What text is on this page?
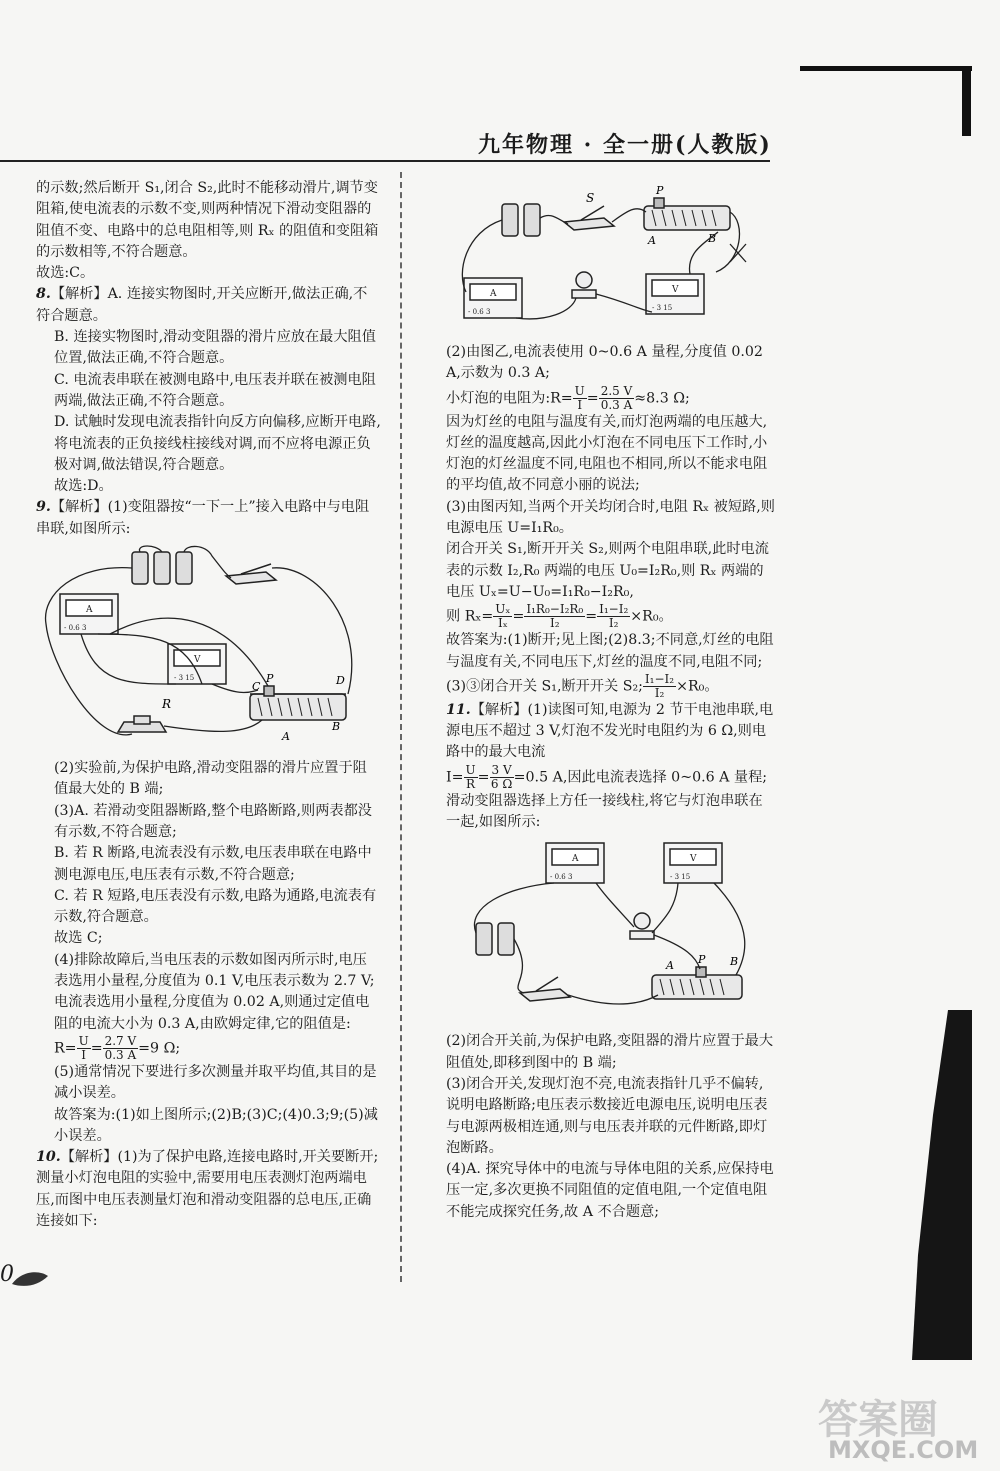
九年物理 · 全一册(人教版)

的示数;然后断开 S₁,闭合 S₂,此时不能移动滑片,调节变阻箱,使电流表的示数不变,则两种情况下滑动变阻器的阻值不变、电路中的总电阻相等,则 Rₓ 的阻值和变阻箱的示数相等,不符合题意。

故选:C。

8.【解析】A. 连接实物图时,开关应断开,做法正确,不符合题意。

B. 连接实物图时,滑动变阻器的滑片应放在最大阻值位置,做法正确,不符合题意。

C. 电流表串联在被测电路中,电压表并联在被测电阻两端,做法正确,不符合题意。

D. 试触时发现电流表指针向反方向偏移,应断开电路,将电流表的正负接线柱接线对调,而不应将电源正负极对调,做法错误,符合题意。

故选:D。

9.【解析】(1)变阻器按“一下一上”接入电路中与电阻串联,如图所示:

A
- 0.6 3
V
- 3 15
R
C
P	D
A
B

(2)实验前,为保护电路,滑动变阻器的滑片应置于阻值最大处的 B 端;

(3)A. 若滑动变阻器断路,整个电路断路,则两表都没有示数,不符合题意;

B. 若 R 断路,电流表没有示数,电压表串联在电路中测电源电压,电压表有示数,不符合题意;

C. 若 R 短路,电压表没有示数,电路为通路,电流表有示数,符合题意。

故选 C;

(4)排除故障后,当电压表的示数如图丙所示时,电压表选用小量程,分度值为 0.1 V,电压表示数为 2.7 V;电流表选用小量程,分度值为 0.02 A,则通过定值电阻的电流大小为 0.3 A,由欧姆定律,它的阻值是:

$R= \frac{U}{I} = \frac{2.7 V}{0.3 A} =9$ Ω;

(5)通常情况下要进行多次测量并取平均值,其目的是减小误差。

故答案为:(1)如上图所示;(2)B;(3)C;(4)0.3;9;(5)减小误差。

10.【解析】(1)为了保护电路,连接电路时,开关要断开;测量小灯泡电阻的实验中,需要用电压表测灯泡两端电压,而图中电压表测量灯泡和滑动变阻器的总电压,正确连接如下:

S
P
A	B
A
- 0.6 3
V
- 3 15

(2)由图乙,电流表使用 0~0.6 A 量程,分度值 0.02 A,示数为 0.3 A;

小灯泡的电阻为:R= $\frac{U}{I} = \frac{2.5 V}{0.3 A} \approx 8.3$ Ω;

因为灯丝的电阻与温度有关,而灯泡两端的电压越大,灯丝的温度越高,因此小灯泡在不同电压下工作时,小灯泡的灯丝温度不同,电阻也不相同,所以不能求电阻的平均值,故不同意小丽的说法;

(3)由图丙知,当两个开关均闭合时,电阻 Rₓ 被短路,则电源电压 U=I₁R₀。

闭合开关 S₁,断开开关 S₂,则两个电阻串联,此时电流表的示数 I₂,R₀ 两端的电压 U₀=I₂R₀,则 Rₓ 两端的电压 Uₓ=U−U₀=I₁R₀−I₂R₀,

则 $R_x= \frac{\text{Uₓ}}{\text{Iₓ}} = \frac{\text{I₁R₀−I₂R₀}}{\text{I₂}} = \frac{\text{I₁−I₂}}{\text{I₂}} \times R_0$。

故答案为:(1)断开;见上图;(2)8.3;不同意,灯丝的电阻与温度有关,不同电压下,灯丝的温度不同,电阻不同;(3)③闭合开关 S₁,断开开关 S₂; $\frac{\text{I₁−I₂}}{\text{I₂}} \times R_0$。

11.【解析】(1)读图可知,电源为 2 节干电池串联,电源电压不超过 3 V,灯泡不发光时电阻约为 6 Ω,则电路中的最大电流

$I= \frac{U}{R} = \frac{3 V}{6 \Omega} =0.5$ A,因此电流表选择 0~0.6 A 量程;滑动变阻器选择上方任一接线柱,将它与灯泡串联在一起,如图所示:

A
- 0.6 3
V
- 3 15
A P B

(2)闭合开关前,为保护电路,变阻器的滑片应置于最大阻值处,即移到图中的 B 端;

(3)闭合开关,发现灯泡不亮,电流表指针几乎不偏转,说明电路断路;电压表示数接近电源电压,说明电压表与电源两极相连通,则与电压表并联的元件断路,即灯泡断路。

(4)A. 探究导体中的电流与导体电阻的关系,应保持电压一定,多次更换不同阻值的定值电阻,一个定值电阻不能完成探究任务,故 A 不合题意;

0
答案圈
MXQE.COM
